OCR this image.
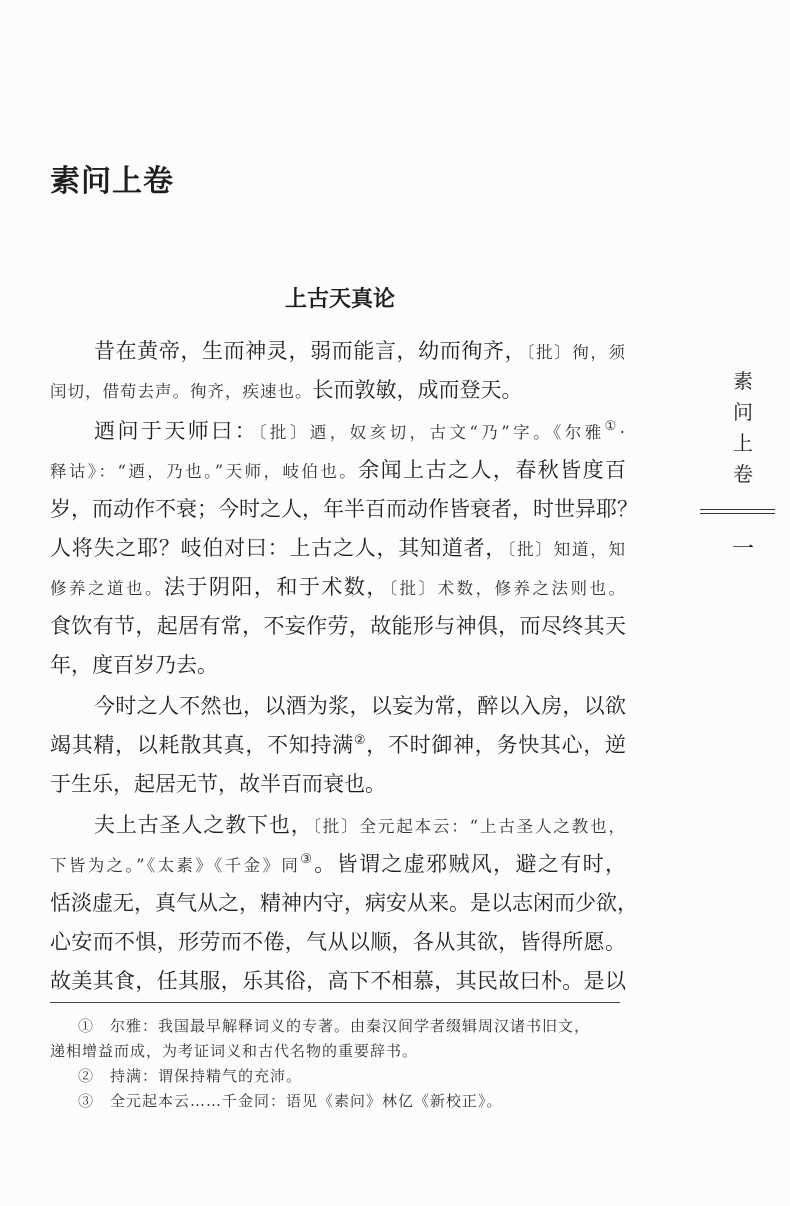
素问上卷
上古天真论
昔在黄帝，生而神灵，弱而能言，幼而徇齐，〔批〕徇，须
闰切，借荀去声。徇齐，疾速也。长而敦敏，成而登天。
迺问于天师曰：〔批〕迺，奴亥切，古文“乃”字。《尔雅①·
释诂》：“迺，乃也。”天师，岐伯也。余闻上古之人，春秋皆度百
岁，而动作不衰；今时之人，年半百而动作皆衰者，时世异耶？
人将失之耶？岐伯对曰：上古之人，其知道者，〔批〕知道，知
修养之道也。法于阴阳，和于术数，〔批〕术数，修养之法则也。
食饮有节，起居有常，不妄作劳，故能形与神俱，而尽终其天
年，度百岁乃去。
今时之人不然也，以酒为浆，以妄为常，醉以入房，以欲
竭其精，以耗散其真，不知持满②，不时御神，务快其心，逆
于生乐，起居无节，故半百而衰也。
夫上古圣人之教下也，〔批〕全元起本云：“上古圣人之教也，
下皆为之。”《太素》《千金》同③。皆谓之虚邪贼风，避之有时，
恬淡虚无，真气从之，精神内守，病安从来。是以志闲而少欲，
心安而不惧，形劳而不倦，气从以顺，各从其欲，皆得所愿。
故美其食，任其服，乐其俗，高下不相慕，其民故曰朴。是以
①　尔雅：我国最早解释词义的专著。由秦汉间学者缀辑周汉诸书旧文，
递相增益而成，为考证词义和古代名物的重要辞书。
②　持满：谓保持精气的充沛。
③　全元起本云……千金同：语见《素问》林亿《新校正》。
素
问
上
卷
一
